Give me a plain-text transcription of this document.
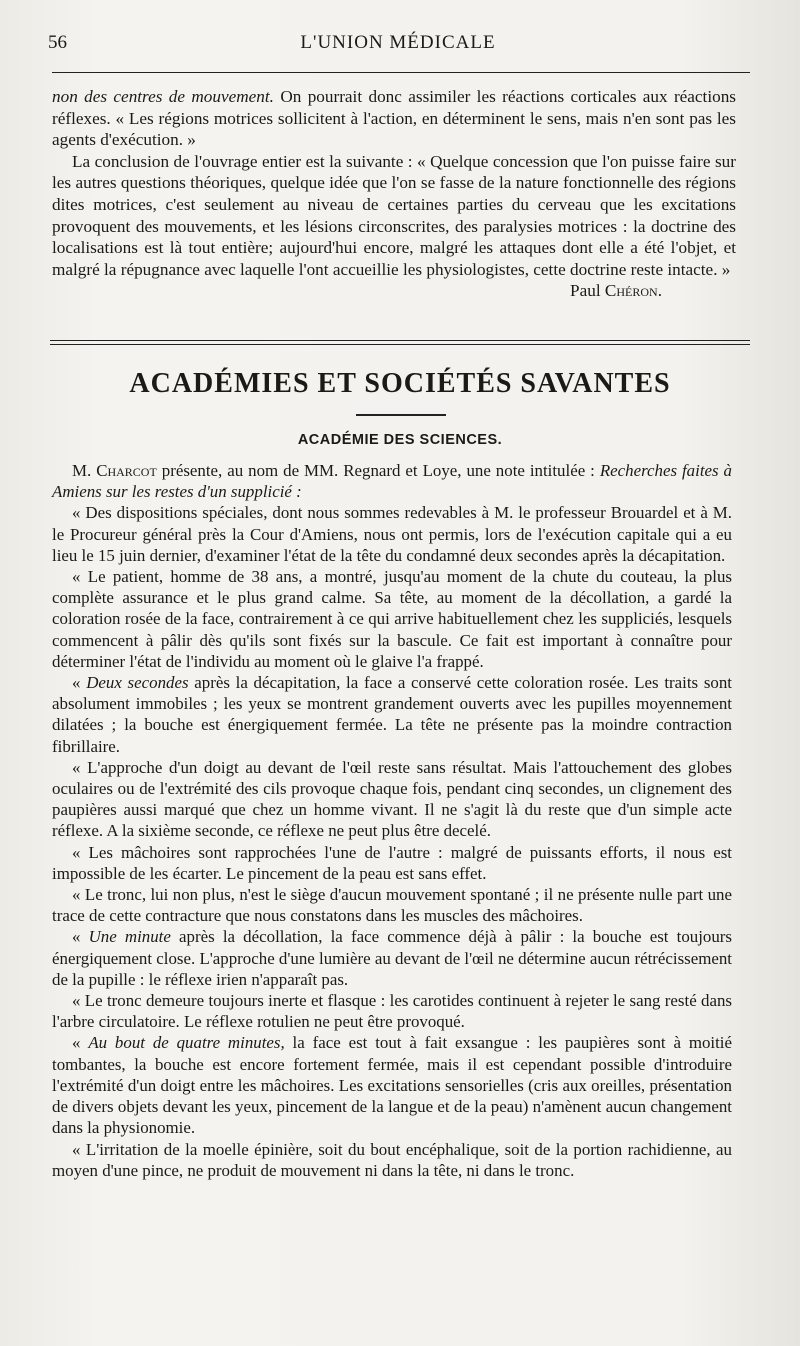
56	L'UNION MÉDICALE

non des centres de mouvement. On pourrait donc assimiler les réactions corticales aux réactions réflexes. « Les régions motrices sollicitent à l'action, en déterminent le sens, mais n'en sont pas les agents d'exécution. »

La conclusion de l'ouvrage entier est la suivante : « Quelque concession que l'on puisse faire sur les autres questions théoriques, quelque idée que l'on se fasse de la nature fonctionnelle des régions dites motrices, c'est seulement au niveau de certaines parties du cerveau que les excitations provoquent des mouvements, et les lésions circonscrites, des paralysies motrices : la doctrine des localisations est là tout entière; aujourd'hui encore, malgré les attaques dont elle a été l'objet, et malgré la répugnance avec laquelle l'ont accueillie les physiologistes, cette doctrine reste intacte. »

Paul Chéron.

ACADÉMIES ET SOCIÉTÉS SAVANTES
ACADÉMIE DES SCIENCES.

M. Charcot présente, au nom de MM. Regnard et Loye, une note intitulée : Recherches faites à Amiens sur les restes d'un supplicié :

« Des dispositions spéciales, dont nous sommes redevables à M. le professeur Brouardel et à M. le Procureur général près la Cour d'Amiens, nous ont permis, lors de l'exécution capitale qui a eu lieu le 15 juin dernier, d'examiner l'état de la tête du condamné deux secondes après la décapitation.

« Le patient, homme de 38 ans, a montré, jusqu'au moment de la chute du couteau, la plus complète assurance et le plus grand calme. Sa tête, au moment de la décollation, a gardé la coloration rosée de la face, contrairement à ce qui arrive habituellement chez les suppliciés, lesquels commencent à pâlir dès qu'ils sont fixés sur la bascule. Ce fait est important à connaître pour déterminer l'état de l'individu au moment où le glaive l'a frappé.

« Deux secondes après la décapitation, la face a conservé cette coloration rosée. Les traits sont absolument immobiles ; les yeux se montrent grandement ouverts avec les pupilles moyennement dilatées ; la bouche est énergiquement fermée. La tête ne présente pas la moindre contraction fibrillaire.

« L'approche d'un doigt au devant de l'œil reste sans résultat. Mais l'attouchement des globes oculaires ou de l'extrémité des cils provoque chaque fois, pendant cinq secondes, un clignement des paupières aussi marqué que chez un homme vivant. Il ne s'agit là du reste que d'un simple acte réflexe. A la sixième seconde, ce réflexe ne peut plus être decelé.

« Les mâchoires sont rapprochées l'une de l'autre : malgré de puissants efforts, il nous est impossible de les écarter. Le pincement de la peau est sans effet.

« Le tronc, lui non plus, n'est le siège d'aucun mouvement spontané ; il ne présente nulle part une trace de cette contracture que nous constatons dans les muscles des mâchoires.

« Une minute après la décollation, la face commence déjà à pâlir : la bouche est toujours énergiquement close. L'approche d'une lumière au devant de l'œil ne détermine aucun rétrécissement de la pupille : le réflexe irien n'apparaît pas.

« Le tronc demeure toujours inerte et flasque : les carotides continuent à rejeter le sang resté dans l'arbre circulatoire. Le réflexe rotulien ne peut être provoqué.

« Au bout de quatre minutes, la face est tout à fait exsangue : les paupières sont à moitié tombantes, la bouche est encore fortement fermée, mais il est cependant possible d'introduire l'extrémité d'un doigt entre les mâchoires. Les excitations sensorielles (cris aux oreilles, présentation de divers objets devant les yeux, pincement de la langue et de la peau) n'amènent aucun changement dans la physionomie.

« L'irritation de la moelle épinière, soit du bout encéphalique, soit de la portion rachidienne, au moyen d'une pince, ne produit de mouvement ni dans la tête, ni dans le tronc.
